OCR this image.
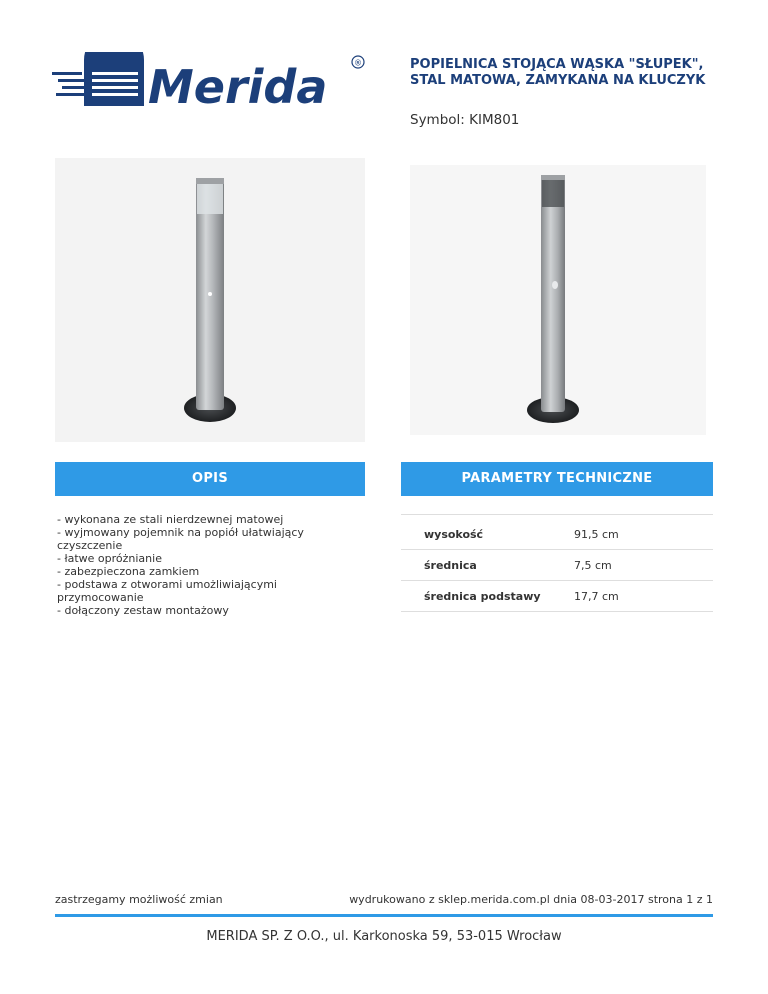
Merida	®	POPIELNICA STOJĄCA WĄSKA "SŁUPEK", STAL MATOWA, ZAMYKANA NA KLUCZYK
Symbol: KIM801
OPIS	PARAMETRY TECHNICZNE
- wykonana ze stali nierdzewnej matowej
- wyjmowany pojemnik na popiół ułatwiający czyszczenie
- łatwe opróżnianie
- zabezpieczona zamkiem
- podstawa z otworami umożliwiającymi przymocowanie
- dołączony zestaw montażowy
wysokość	91,5 cm
średnica	7,5 cm
średnica podstawy	17,7 cm
zastrzegamy możliwość zmian	wydrukowano z sklep.merida.com.pl dnia 08-03-2017 strona 1 z 1
MERIDA SP. Z O.O., ul. Karkonoska 59, 53-015 Wrocław
